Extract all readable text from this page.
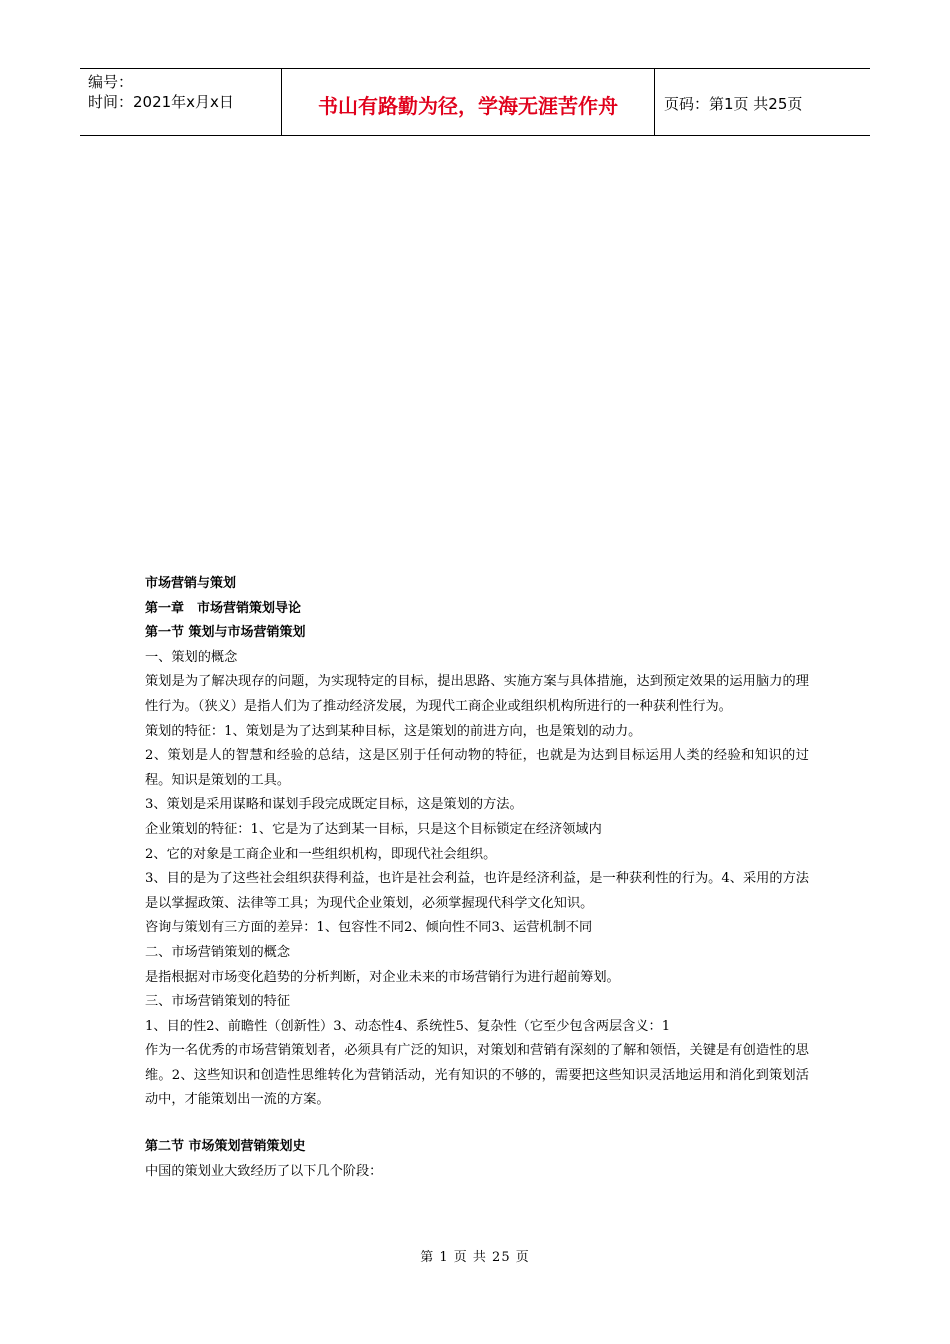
编号：
时间：2021年x月x日	书山有路勤为径，学海无涯苦作舟	页码：第1页 共25页

市场营销与策划

第一章　市场营销策划导论

第一节 策划与市场营销策划

一、策划的概念

策划是为了解决现存的问题，为实现特定的目标，提出思路、实施方案与具体措施，达到预定效果的运用脑力的理性行为。（狭义）是指人们为了推动经济发展，为现代工商企业或组织机构所进行的一种获利性行为。

策划的特征：1、策划是为了达到某种目标，这是策划的前进方向，也是策划的动力。

2、策划是人的智慧和经验的总结，这是区别于任何动物的特征，也就是为达到目标运用人类的经验和知识的过程。知识是策划的工具。

3、策划是采用谋略和谋划手段完成既定目标，这是策划的方法。

企业策划的特征：1、它是为了达到某一目标，只是这个目标锁定在经济领域内

2、它的对象是工商企业和一些组织机构，即现代社会组织。

3、目的是为了这些社会组织获得利益，也许是社会利益，也许是经济利益，是一种获利性的行为。4、采用的方法是以掌握政策、法律等工具；为现代企业策划，必须掌握现代科学文化知识。

咨询与策划有三方面的差异：1、包容性不同2、倾向性不同3、运营机制不同

二、市场营销策划的概念

是指根据对市场变化趋势的分析判断，对企业未来的市场营销行为进行超前筹划。

三、市场营销策划的特征

1、目的性2、前瞻性（创新性）3、动态性4、系统性5、复杂性（它至少包含两层含义：1

作为一名优秀的市场营销策划者，必须具有广泛的知识，对策划和营销有深刻的了解和领悟，关键是有创造性的思维。2、这些知识和创造性思维转化为营销活动，光有知识的不够的，需要把这些知识灵活地运用和消化到策划活动中，才能策划出一流的方案。

第二节 市场策划营销策划史

中国的策划业大致经历了以下几个阶段：

第 1 页 共 25 页
